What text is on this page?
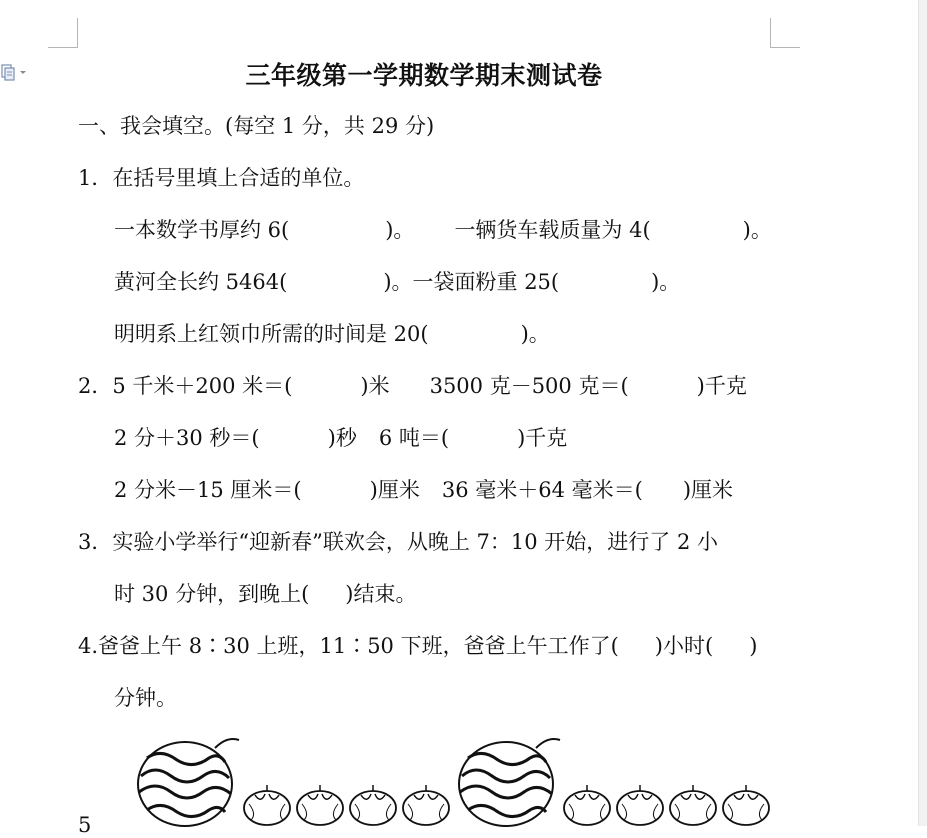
三年级第一学期数学期末测试卷
一、我会填空。(每空 1 分，共 29 分)
1．在括号里填上合适的单位。
一本数学书厚约 6(	)。 一辆货车载质量为 4(	)。
黄河全长约 5464(	)。一袋面粉重 25(	)。
明明系上红领巾所需的时间是 20(	)。
2．5 千米＋200 米＝(	)米 3500 克－500 克＝(	)千克
2 分＋30 秒＝(	)秒 6 吨＝(	)千克
2 分米－15 厘米＝(	)厘米 36 毫米＋64 毫米＝( )厘米
3．实验小学举行“迎新春”联欢会，从晚上 7：10 开始，进行了 2 小
时 30 分钟，到晚上( )结束。
4.爸爸上午 8∶30 上班，11∶50 下班，爸爸上午工作了( )小时( )
分钟。
5
